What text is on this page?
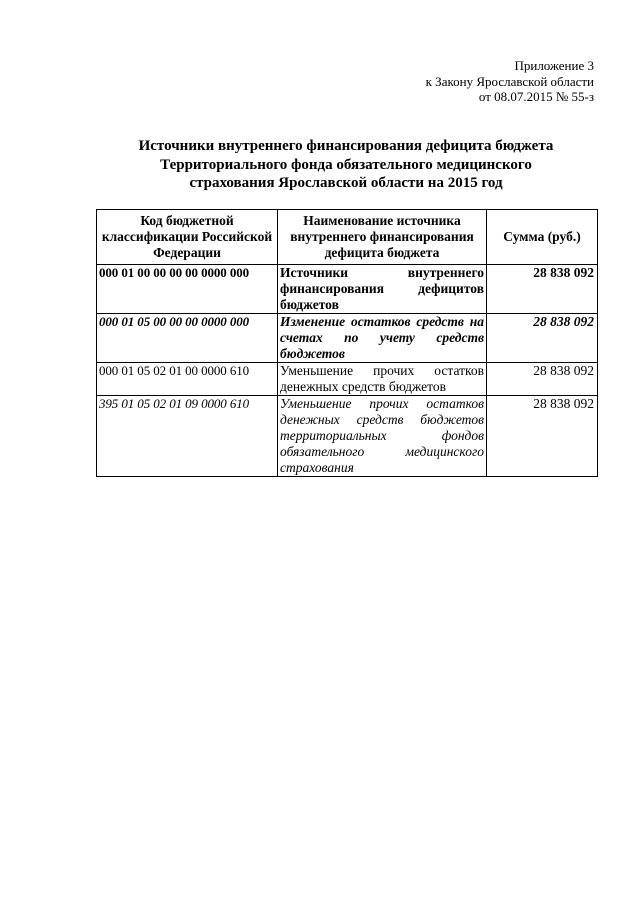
Приложение 3
к Закону Ярославской области
от 08.07.2015 № 55-з
Источники внутреннего финансирования дефицита бюджета
Территориального фонда обязательного медицинского
страхования Ярославской области на 2015 год
Код бюджетной классификации Российской Федерации	Наименование источника внутреннего финансирования дефицита бюджета	Сумма (руб.)
000 01 00 00 00 00 0000 000	Источники внутреннего финансирования дефицитов бюджетов	28 838 092
000 01 05 00 00 00 0000 000	Изменение остатков средств на счетах по учету средств бюджетов	28 838 092
000 01 05 02 01 00 0000 610	Уменьшение прочих остатков денежных средств бюджетов	28 838 092
395 01 05 02 01 09 0000 610	Уменьшение прочих остатков денежных средств бюджетов территориальных фондов обязательного медицинского страхования	28 838 092
